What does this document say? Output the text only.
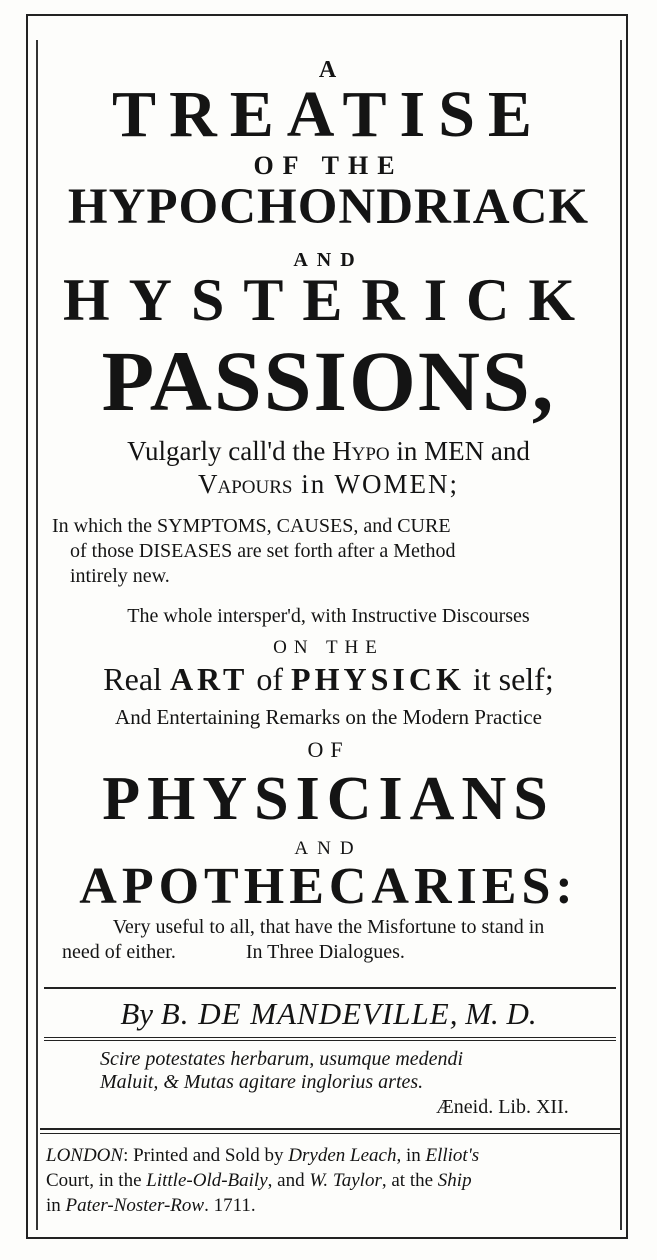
A
TREATISE
OF THE
HYPOCHONDRIACK
AND
HYSTERICK
PASSIONS,
Vulgarly call'd the Hypo in MEN and
Vapours in WOMEN;
In which the SYMPTOMS, CAUSES, and CURE
of those DISEASES are set forth after a Method
intirely new.
The whole intersper'd, with Instructive Discourses
ON THE
Real ART of PHYSICK it self;
And Entertaining Remarks on the Modern Practice
OF
PHYSICIANS
AND
APOTHECARIES:
Very useful to all, that have the Misfortune to stand in
need of either.	In Three Dialogues.
By B. DE MANDEVILLE, M. D.
Scire potestates herbarum, usumque medendi
Maluit, & Mutas agitare inglorius artes.
Æneid. Lib. XII.
LONDON: Printed and Sold by Dryden Leach, in Elliot's
Court, in the Little-Old-Baily, and W. Taylor, at the Ship
in Pater-Noster-Row. 1711.
